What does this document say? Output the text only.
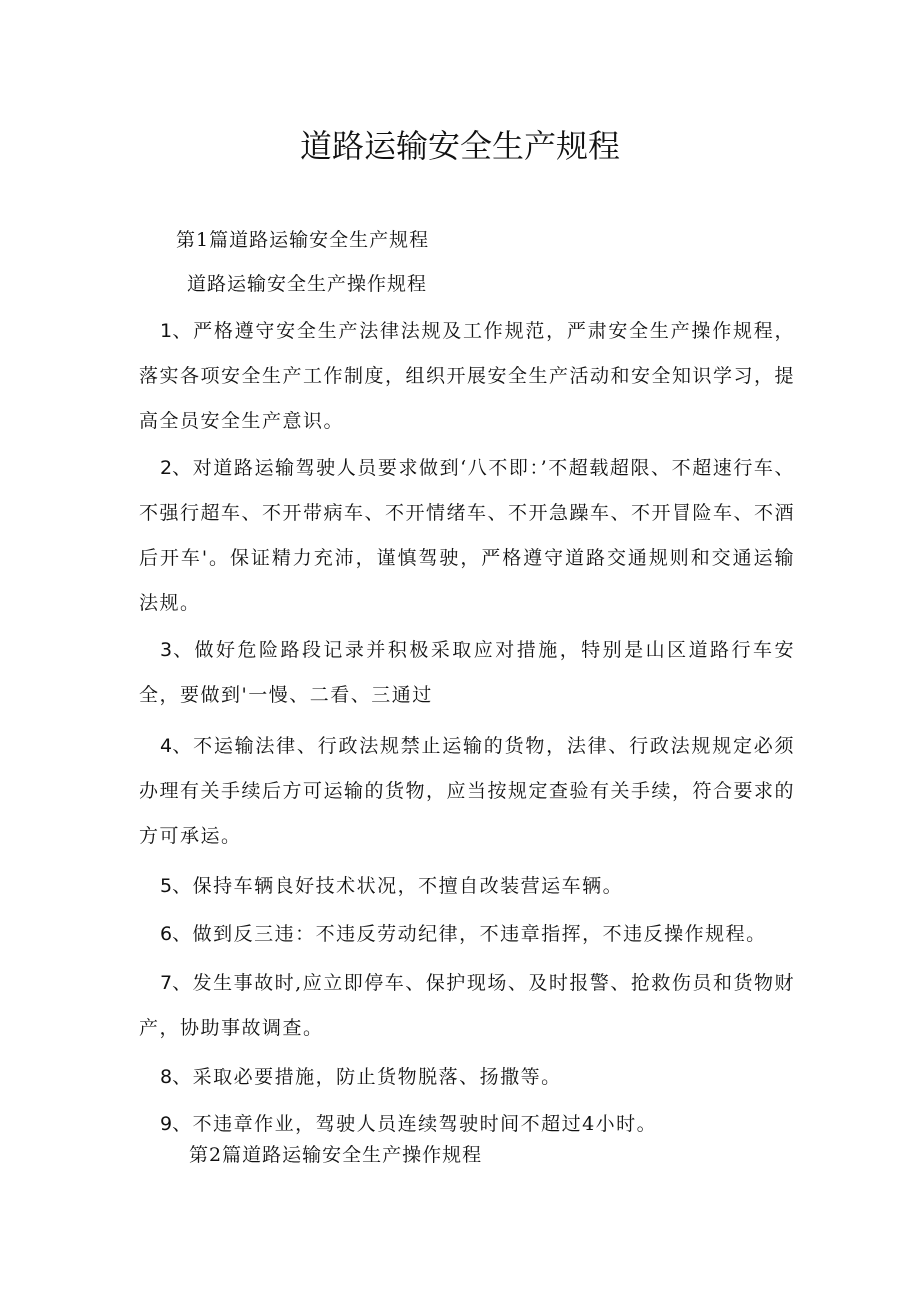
道路运输安全生产规程
第1篇道路运输安全生产规程
道路运输安全生产操作规程
1、严格遵守安全生产法律法规及工作规范，严肃安全生产操作规程，落实各项安全生产工作制度，组织开展安全生产活动和安全知识学习，提高全员安全生产意识。
2、对道路运输驾驶人员要求做到‘八不即：’不超载超限、不超速行车、不强行超车、不开带病车、不开情绪车、不开急躁车、不开冒险车、不酒后开车'。保证精力充沛，谨慎驾驶，严格遵守道路交通规则和交通运输法规。
3、做好危险路段记录并积极采取应对措施，特别是山区道路行车安全，要做到'一慢、二看、三通过
4、不运输法律、行政法规禁止运输的货物，法律、行政法规规定必须办理有关手续后方可运输的货物，应当按规定查验有关手续，符合要求的方可承运。
5、保持车辆良好技术状况，不擅自改装营运车辆。
6、做到反三违：不违反劳动纪律，不违章指挥，不违反操作规程。
7、发生事故时,应立即停车、保护现场、及时报警、抢救伤员和货物财产，协助事故调查。
8、采取必要措施，防止货物脱落、扬撒等。
9、不违章作业，驾驶人员连续驾驶时间不超过4小时。
第2篇道路运输安全生产操作规程
